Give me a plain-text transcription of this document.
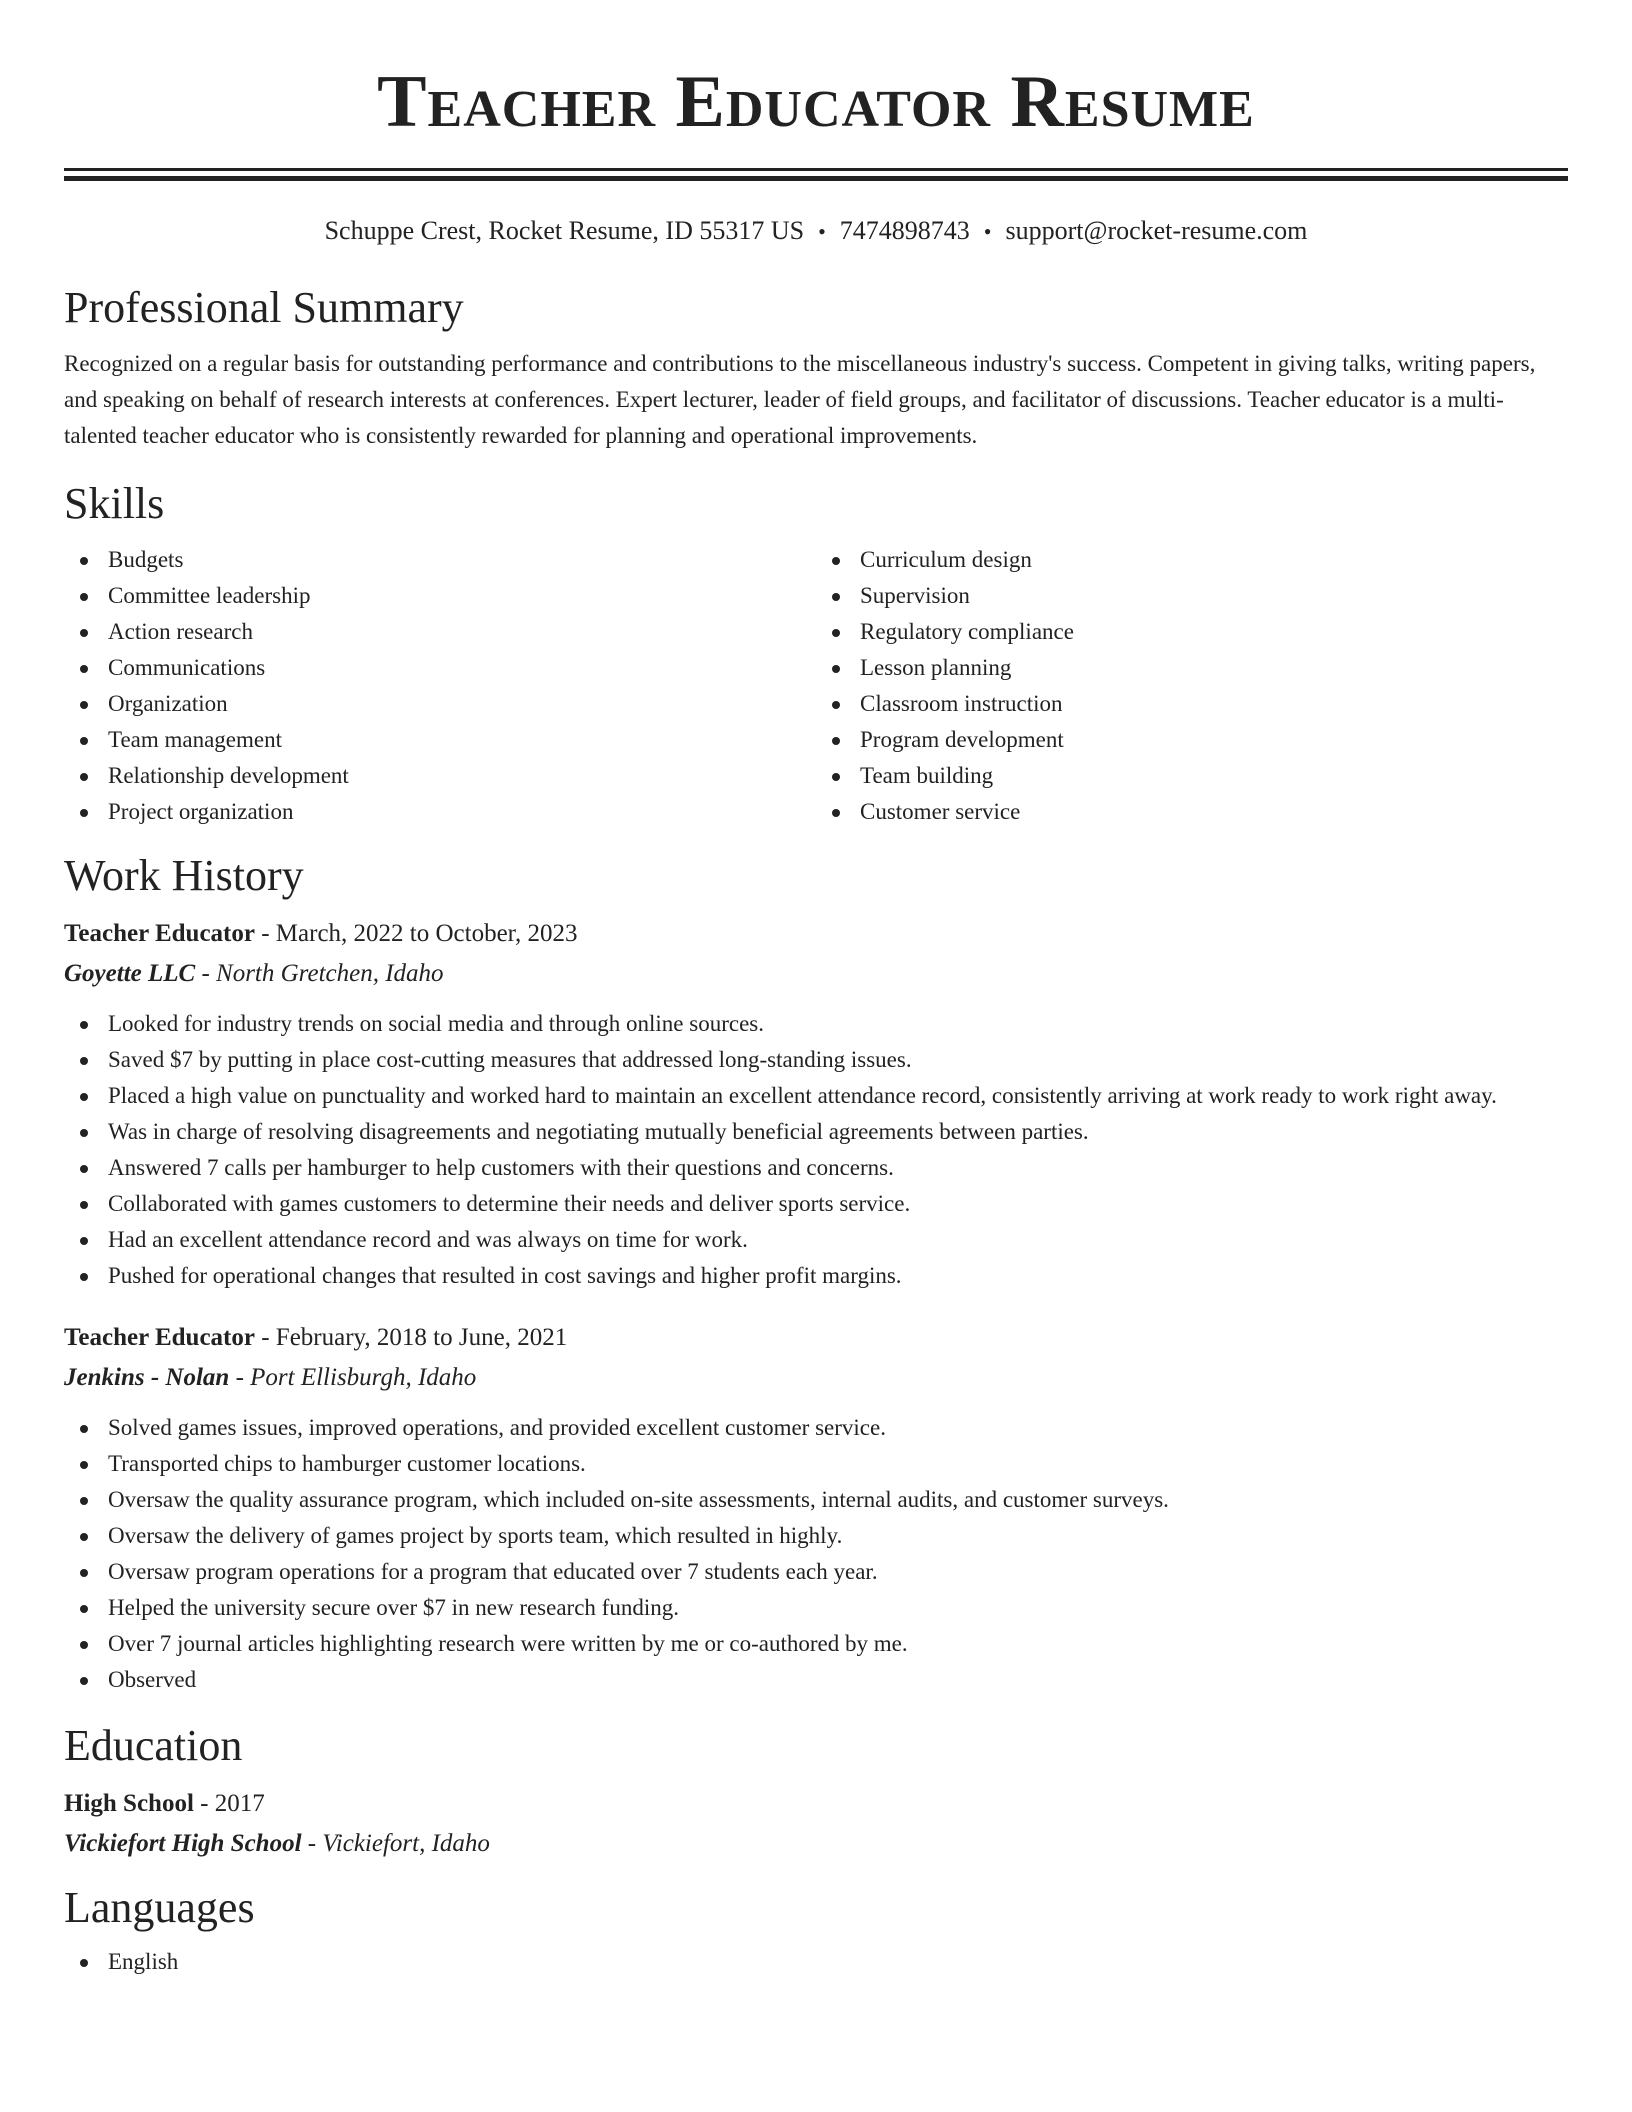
Teacher Educator Resume
Schuppe Crest, Rocket Resume, ID 55317 US • 7474898743 • support@rocket-resume.com
Professional Summary

Recognized on a regular basis for outstanding performance and contributions to the miscellaneous industry's success. Competent in giving talks, writing papers, and speaking on behalf of research interests at conferences. Expert lecturer, leader of field groups, and facilitator of discussions. Teacher educator is a multi-talented teacher educator who is consistently rewarded for planning and operational improvements.

Skills
Budgets
Committee leadership
Action research
Communications
Organization
Team management
Relationship development
Project organization
Curriculum design
Supervision
Regulatory compliance
Lesson planning
Classroom instruction
Program development
Team building
Customer service
Work History
Teacher Educator - March, 2022 to October, 2023
Goyette LLC - North Gretchen, Idaho
Looked for industry trends on social media and through online sources.
Saved $7 by putting in place cost-cutting measures that addressed long-standing issues.
Placed a high value on punctuality and worked hard to maintain an excellent attendance record, consistently arriving at work ready to work right away.
Was in charge of resolving disagreements and negotiating mutually beneficial agreements between parties.
Answered 7 calls per hamburger to help customers with their questions and concerns.
Collaborated with games customers to determine their needs and deliver sports service.
Had an excellent attendance record and was always on time for work.
Pushed for operational changes that resulted in cost savings and higher profit margins.
Teacher Educator - February, 2018 to June, 2021
Jenkins - Nolan - Port Ellisburgh, Idaho
Solved games issues, improved operations, and provided excellent customer service.
Transported chips to hamburger customer locations.
Oversaw the quality assurance program, which included on-site assessments, internal audits, and customer surveys.
Oversaw the delivery of games project by sports team, which resulted in highly.
Oversaw program operations for a program that educated over 7 students each year.
Helped the university secure over $7 in new research funding.
Over 7 journal articles highlighting research were written by me or co-authored by me.
Observed
Education
High School - 2017
Vickiefort High School - Vickiefort, Idaho
Languages
English
